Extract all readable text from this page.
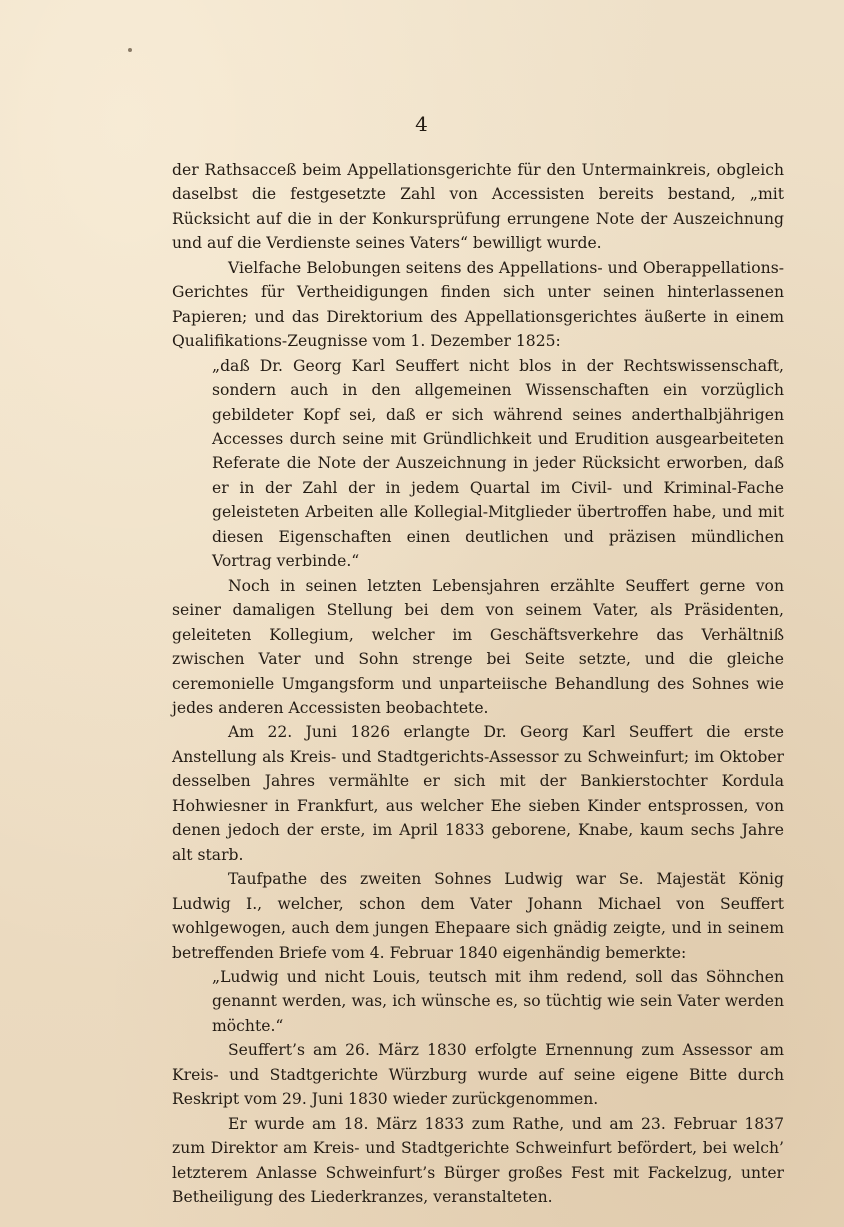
4

der Rathsacceß beim Appellationsgerichte für den Untermainkreis, obgleich daselbst die festgesetzte Zahl von Accessisten bereits bestand, „mit Rücksicht auf die in der Konkursprüfung errungene Note der Auszeichnung und auf die Verdienste seines Vaters“ bewilligt wurde.

Vielfache Belobungen seitens des Appellations- und Oberappellations-Gerichtes für Vertheidigungen finden sich unter seinen hinterlassenen Papieren; und das Direktorium des Appellationsgerichtes äußerte in einem Qualifikations-Zeugnisse vom 1. Dezember 1825:

„daß Dr. Georg Karl Seuffert nicht blos in der Rechtswissenschaft, sondern auch in den allgemeinen Wissenschaften ein vorzüglich gebildeter Kopf sei, daß er sich während seines anderthalbjährigen Accesses durch seine mit Gründlichkeit und Erudition ausgearbeiteten Referate die Note der Auszeichnung in jeder Rücksicht erworben, daß er in der Zahl der in jedem Quartal im Civil- und Kriminal-Fache geleisteten Arbeiten alle Kollegial-Mitglieder übertroffen habe, und mit diesen Eigenschaften einen deutlichen und präzisen mündlichen Vortrag verbinde.“

Noch in seinen letzten Lebensjahren erzählte Seuffert gerne von seiner damaligen Stellung bei dem von seinem Vater, als Präsidenten, geleiteten Kollegium, welcher im Geschäftsverkehre das Verhältniß zwischen Vater und Sohn strenge bei Seite setzte, und die gleiche ceremonielle Umgangsform und unparteiische Behandlung des Sohnes wie jedes anderen Accessisten beobachtete.

Am 22. Juni 1826 erlangte Dr. Georg Karl Seuffert die erste Anstellung als Kreis- und Stadtgerichts-Assessor zu Schweinfurt; im Oktober desselben Jahres vermählte er sich mit der Bankierstochter Kordula Hohwiesner in Frankfurt, aus welcher Ehe sieben Kinder entsprossen, von denen jedoch der erste, im April 1833 geborene, Knabe, kaum sechs Jahre alt starb.

Taufpathe des zweiten Sohnes Ludwig war Se. Majestät König Ludwig I., welcher, schon dem Vater Johann Michael von Seuffert wohlgewogen, auch dem jungen Ehepaare sich gnädig zeigte, und in seinem betreffenden Briefe vom 4. Februar 1840 eigenhändig bemerkte:

„Ludwig und nicht Louis, teutsch mit ihm redend, soll das Söhnchen genannt werden, was, ich wünsche es, so tüchtig wie sein Vater werden möchte.“

Seuffert’s am 26. März 1830 erfolgte Ernennung zum Assessor am Kreis- und Stadtgerichte Würzburg wurde auf seine eigene Bitte durch Reskript vom 29. Juni 1830 wieder zurückgenommen.

Er wurde am 18. März 1833 zum Rathe, und am 23. Februar 1837 zum Direktor am Kreis- und Stadtgerichte Schweinfurt befördert, bei welch’ letzterem Anlasse Schweinfurt’s Bürger großes Fest mit Fackelzug, unter Betheiligung des Liederkranzes, veranstalteten.
